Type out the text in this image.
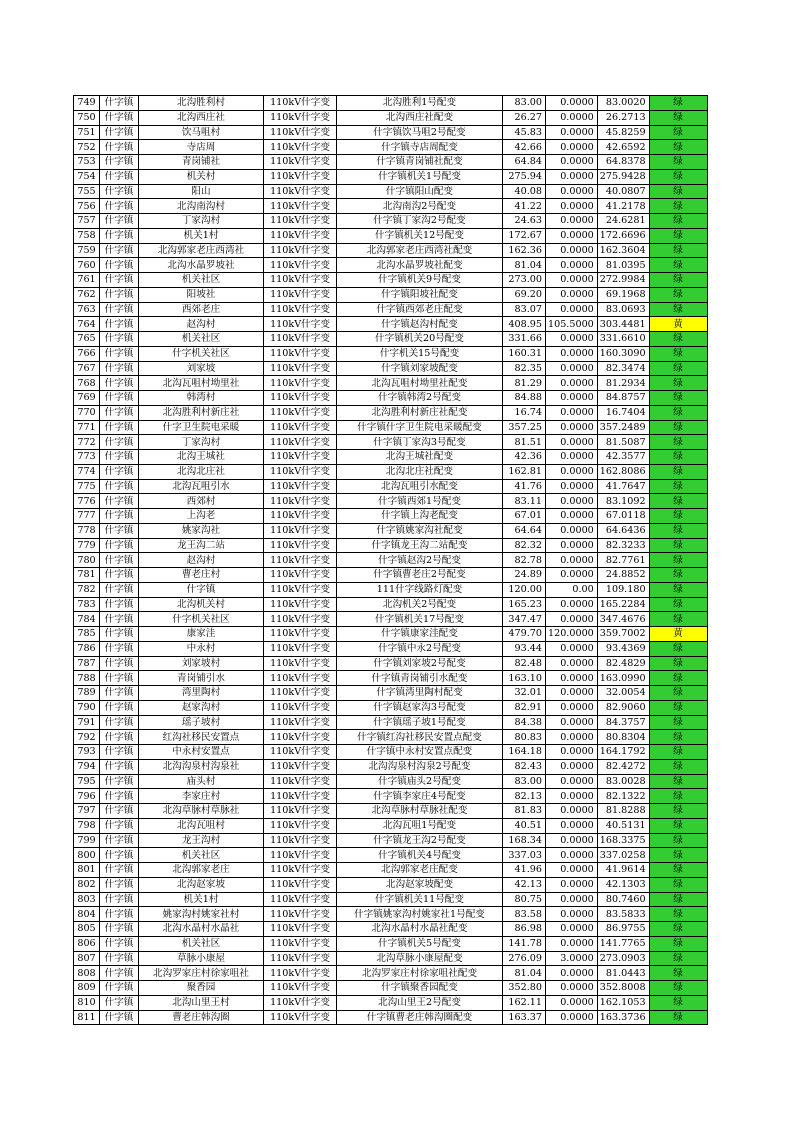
749	什字镇	北沟胜利村	110kV什字变	北沟胜利1号配变	83.00	0.0000	83.0020	绿
750	什字镇	北沟西庄社	110kV什字变	北沟西庄社配变	26.27	0.0000	26.2713	绿
751	什字镇	饮马咀村	110kV什字变	什字镇饮马咀2号配变	45.83	0.0000	45.8259	绿
752	什字镇	寺店周	110kV什字变	什字镇寺店周配变	42.66	0.0000	42.6592	绿
753	什字镇	青岗铺社	110kV什字变	什字镇青岗铺社配变	64.84	0.0000	64.8378	绿
754	什字镇	机关村	110kV什字变	什字镇机关1号配变	275.94	0.0000	275.9428	绿
755	什字镇	阳山	110kV什字变	什字镇阳山配变	40.08	0.0000	40.0807	绿
756	什字镇	北沟南沟村	110kV什字变	北沟南沟2号配变	41.22	0.0000	41.2178	绿
757	什字镇	丁家沟村	110kV什字变	什字镇丁家沟2号配变	24.63	0.0000	24.6281	绿
758	什字镇	机关1村	110kV什字变	什字镇机关12号配变	172.67	0.0000	172.6696	绿
759	什字镇	北沟郭家老庄西湾社	110kV什字变	北沟郭家老庄西湾社配变	162.36	0.0000	162.3604	绿
760	什字镇	北沟水晶罗坡社	110kV什字变	北沟水晶罗坡社配变	81.04	0.0000	81.0395	绿
761	什字镇	机关社区	110kV什字变	什字镇机关9号配变	273.00	0.0000	272.9984	绿
762	什字镇	阳坡社	110kV什字变	什字镇阳坡社配变	69.20	0.0000	69.1968	绿
763	什字镇	西郊老庄	110kV什字变	什字镇西郊老庄配变	83.07	0.0000	83.0693	绿
764	什字镇	赵沟村	110kV什字变	什字镇赵沟村配变	408.95	105.5000	303.4481	黄
765	什字镇	机关社区	110kV什字变	什字镇机关20号配变	331.66	0.0000	331.6610	绿
766	什字镇	什字机关社区	110kV什字变	什字机关15号配变	160.31	0.0000	160.3090	绿
767	什字镇	刘家坡	110kV什字变	什字镇刘家坡配变	82.35	0.0000	82.3474	绿
768	什字镇	北沟瓦咀村坳里社	110kV什字变	北沟瓦咀村坳里社配变	81.29	0.0000	81.2934	绿
769	什字镇	韩湾村	110kV什字变	什字镇韩湾2号配变	84.88	0.0000	84.8757	绿
770	什字镇	北沟胜利村新庄社	110kV什字变	北沟胜利村新庄社配变	16.74	0.0000	16.7404	绿
771	什字镇	什字卫生院电采暖	110kV什字变	什字镇什字卫生院电采暖配变	357.25	0.0000	357.2489	绿
772	什字镇	丁家沟村	110kV什字变	什字镇丁家沟3号配变	81.51	0.0000	81.5087	绿
773	什字镇	北沟王城社	110kV什字变	北沟王城社配变	42.36	0.0000	42.3577	绿
774	什字镇	北沟北庄社	110kV什字变	北沟北庄社配变	162.81	0.0000	162.8086	绿
775	什字镇	北沟瓦咀引水	110kV什字变	北沟瓦咀引水配变	41.76	0.0000	41.7647	绿
776	什字镇	西郊村	110kV什字变	什字镇西郊1号配变	83.11	0.0000	83.1092	绿
777	什字镇	上沟老	110kV什字变	什字镇上沟老配变	67.01	0.0000	67.0118	绿
778	什字镇	姚家沟社	110kV什字变	什字镇姚家沟社配变	64.64	0.0000	64.6436	绿
779	什字镇	龙王沟二站	110kV什字变	什字镇龙王沟二站配变	82.32	0.0000	82.3233	绿
780	什字镇	赵沟村	110kV什字变	什字镇赵沟2号配变	82.78	0.0000	82.7761	绿
781	什字镇	曹老庄村	110kV什字变	什字镇曹老庄2号配变	24.89	0.0000	24.8852	绿
782	什字镇	什字镇	110kV什字变	111什字线路灯配变	120.00	0.00	109.180	绿
783	什字镇	北沟机关村	110kV什字变	北沟机关2号配变	165.23	0.0000	165.2284	绿
784	什字镇	什字机关社区	110kV什字变	什字镇机关17号配变	347.47	0.0000	347.4676	绿
785	什字镇	康家洼	110kV什字变	什字镇康家洼配变	479.70	120.0000	359.7002	黄
786	什字镇	中永村	110kV什字变	什字镇中永2号配变	93.44	0.0000	93.4369	绿
787	什字镇	刘家坡村	110kV什字变	什字镇刘家坡2号配变	82.48	0.0000	82.4829	绿
788	什字镇	青岗铺引水	110kV什字变	什字镇青岗铺引水配变	163.10	0.0000	163.0990	绿
789	什字镇	湾里陶村	110kV什字变	什字镇湾里陶村配变	32.01	0.0000	32.0054	绿
790	什字镇	赵家沟村	110kV什字变	什字镇赵家沟3号配变	82.91	0.0000	82.9060	绿
791	什字镇	瑶子坡村	110kV什字变	什字镇瑶子坡1号配变	84.38	0.0000	84.3757	绿
792	什字镇	红沟社移民安置点	110kV什字变	什字镇红沟社移民安置点配变	80.83	0.0000	80.8304	绿
793	什字镇	中永村安置点	110kV什字变	什字镇中永村安置点配变	164.18	0.0000	164.1792	绿
794	什字镇	北沟沟泉村沟泉社	110kV什字变	北沟沟泉村沟泉2号配变	82.43	0.0000	82.4272	绿
795	什字镇	庙头村	110kV什字变	什字镇庙头2号配变	83.00	0.0000	83.0028	绿
796	什字镇	李家庄村	110kV什字变	什字镇李家庄4号配变	82.13	0.0000	82.1322	绿
797	什字镇	北沟草脉村草脉社	110kV什字变	北沟草脉村草脉社配变	81.83	0.0000	81.8288	绿
798	什字镇	北沟瓦咀村	110kV什字变	北沟瓦咀1号配变	40.51	0.0000	40.5131	绿
799	什字镇	龙王沟村	110kV什字变	什字镇龙王沟2号配变	168.34	0.0000	168.3375	绿
800	什字镇	机关社区	110kV什字变	什字镇机关4号配变	337.03	0.0000	337.0258	绿
801	什字镇	北沟郭家老庄	110kV什字变	北沟郭家老庄配变	41.96	0.0000	41.9614	绿
802	什字镇	北沟赵家坡	110kV什字变	北沟赵家坡配变	42.13	0.0000	42.1303	绿
803	什字镇	机关1村	110kV什字变	什字镇机关11号配变	80.75	0.0000	80.7460	绿
804	什字镇	姚家沟村姚家社村	110kV什字变	什字镇姚家沟村姚家社1号配变	83.58	0.0000	83.5833	绿
805	什字镇	北沟水晶村水晶社	110kV什字变	北沟水晶村水晶社配变	86.98	0.0000	86.9755	绿
806	什字镇	机关社区	110kV什字变	什字镇机关5号配变	141.78	0.0000	141.7765	绿
807	什字镇	草脉小康屋	110kV什字变	北沟草脉小康屋配变	276.09	3.0000	273.0903	绿
808	什字镇	北沟罗家庄村徐家咀社	110kV什字变	北沟罗家庄村徐家咀社配变	81.04	0.0000	81.0443	绿
809	什字镇	聚香园	110kV什字变	什字镇聚香园配变	352.80	0.0000	352.8008	绿
810	什字镇	北沟山里王村	110kV什字变	北沟山里王2号配变	162.11	0.0000	162.1053	绿
811	什字镇	曹老庄韩沟圈	110kV什字变	什字镇曹老庄韩沟圈配变	163.37	0.0000	163.3736	绿
